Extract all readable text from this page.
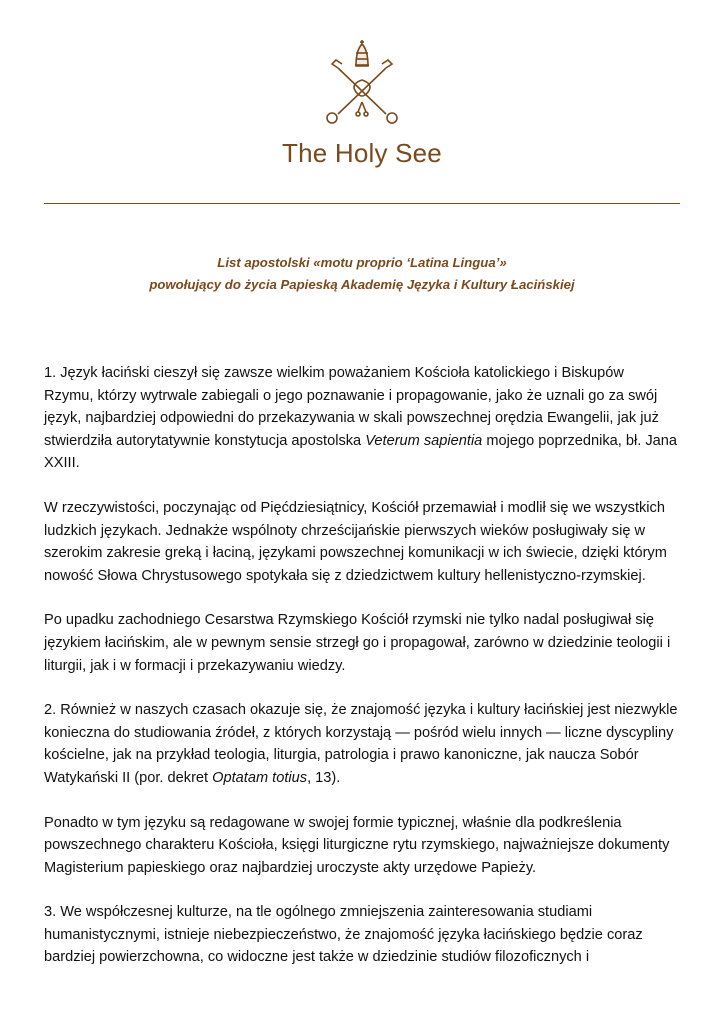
The Holy See
List apostolski «motu proprio ‘Latina Lingua’»
powołujący do życia Papieską Akademię Języka i Kultury Łacińskiej

1. Język łaciński cieszył się zawsze wielkim poważaniem Kościoła katolickiego i Biskupów
Rzymu, którzy wytrwale zabiegali o jego poznawanie i propagowanie, jako że uznali go za swój
język, najbardziej odpowiedni do przekazywania w skali powszechnej orędzia Ewangelii, jak już
stwierdziła autorytatywnie konstytucja apostolska Veterum sapientia mojego poprzednika, bł. Jana
XXIII.

W rzeczywistości, poczynając od Pięćdziesiątnicy, Kościół przemawiał i modlił się we wszystkich
ludzkich językach. Jednakże wspólnoty chrześcijańskie pierwszych wieków posługiwały się w
szerokim zakresie greką i łaciną, językami powszechnej komunikacji w ich świecie, dzięki którym
nowość Słowa Chrystusowego spotykała się z dziedzictwem kultury hellenistyczno-rzymskiej.

Po upadku zachodniego Cesarstwa Rzymskiego Kościół rzymski nie tylko nadal posługiwał się
językiem łacińskim, ale w pewnym sensie strzegł go i propagował, zarówno w dziedzinie teologii i
liturgii, jak i w formacji i przekazywaniu wiedzy.

2. Również w naszych czasach okazuje się, że znajomość języka i kultury łacińskiej jest niezwykle
konieczna do studiowania źródeł, z których korzystają — pośród wielu innych — liczne dyscypliny
kościelne, jak na przykład teologia, liturgia, patrologia i prawo kanoniczne, jak naucza Sobór
Watykański II (por. dekret Optatam totius, 13).

Ponadto w tym języku są redagowane w swojej formie typicznej, właśnie dla podkreślenia
powszechnego charakteru Kościoła, księgi liturgiczne rytu rzymskiego, najważniejsze dokumenty
Magisterium papieskiego oraz najbardziej uroczyste akty urzędowe Papieży.

3. We współczesnej kulturze, na tle ogólnego zmniejszenia zainteresowania studiami
humanistycznymi, istnieje niebezpieczeństwo, że znajomość języka łacińskiego będzie coraz
bardziej powierzchowna, co widoczne jest także w dziedzinie studiów filozoficznych i
